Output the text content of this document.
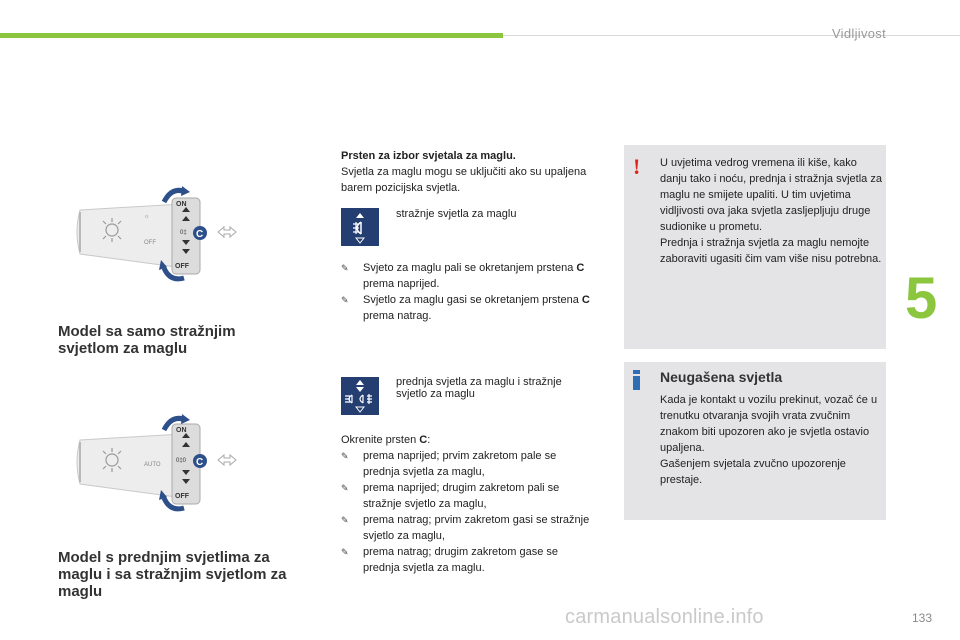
Vidljivost
5
☼
OFF
ON
0‡
OFF
C
Model sa samo stražnjim svjetlom za maglu
AUTO
ON
0‡0
OFF
C
Model s prednjim svjetlima za maglu i sa stražnjim svjetlom za maglu
Prsten za izbor svjetala za maglu.
Svjetla za maglu mogu se uključiti ako su upaljena barem pozicijska svjetla.
stražnje svjetla za maglu
✎	Svjeto za maglu pali se okretanjem prstena C prema naprijed.
✎	Svjetlo za maglu gasi se okretanjem prstena C prema natrag.
prednja svjetla za maglu i stražnje svjetlo za maglu
Okrenite prsten C:
✎	prema naprijed; prvim zakretom pale se prednja svjetla za maglu,
✎	prema naprijed; drugim zakretom pali se stražnje svjetlo za maglu,
✎	prema natrag; prvim zakretom gasi se stražnje svjetlo za maglu,
✎	prema natrag; drugim zakretom gase se prednja svjetla za maglu.
! U uvjetima vedrog vremena ili kiše, kako danju tako i noću, prednja i stražnja svjetla za maglu ne smijete upaliti. U tim uvjetima vidljivosti ova jaka svjetla zasljepljuju druge sudionike u prometu.
Prednja i stražnja svjetla za maglu nemojte zaboraviti ugasiti čim vam više nisu potrebna.
Neugašena svjetla
Kada je kontakt u vozilu prekinut, vozač će u trenutku otvaranja svojih vrata zvučnim znakom biti upozoren ako je svjetla ostavio upaljena.
Gašenjem svjetala zvučno upozorenje prestaje.
carmanualsonline.info	133
